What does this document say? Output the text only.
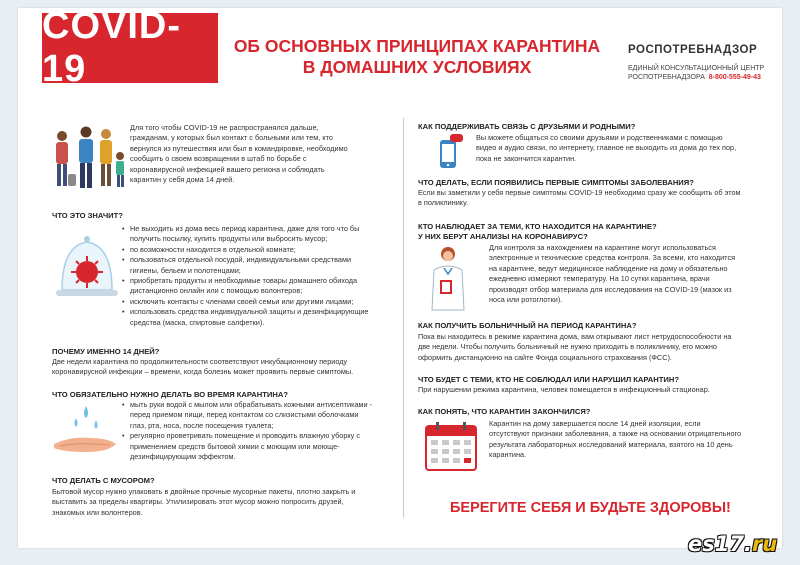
COVID-19
ОБ ОСНОВНЫХ ПРИНЦИПАХ КАРАНТИНА
В ДОМАШНИХ УСЛОВИЯХ
РОСПОТРЕБНАДЗОР
ЕДИНЫЙ КОНСУЛЬТАЦИОННЫЙ ЦЕНТР
РОСПОТРЕБНАДЗОРА 8-800-555-49-43
Для того чтобы COVID-19 не распространялся дальше, гражданам, у которых был контакт с больными или тем, кто вернулся из путешествия или был в командировке, необходимо сообщить о своем возвращении в штаб по борьбе с коронавирусной инфекцией вашего региона и соблюдать карантин у себя дома 14 дней.
ЧТО ЭТО ЗНАЧИТ?
• Не выходить из дома весь период карантина, даже для того что бы получить посылку, купить продукты или выбросить мусор;
• по возможности находится в отдельной комнате;
• пользоваться отдельной посудой, индивидуальными средствами гигиены, бельем и полотенцами;
• приобретать продукты и необходимые товары домашнего обихода дистанционно онлайн или с помощью волонтеров;
• исключить контакты с членами своей семьи или другими лицами;
• использовать средства индивидуальной защиты и дезинфицирующие средства (маска, спиртовые салфетки).
ПОЧЕМУ ИМЕННО 14 ДНЕЙ?
Две недели карантина по продолжительности соответствуют инкубационному периоду коронавирусной инфекции – времени, когда болезнь может проявить первые симптомы.
ЧТО ОБЯЗАТЕЛЬНО НУЖНО ДЕЛАТЬ ВО ВРЕМЯ КАРАНТИНА?
• мыть руки водой с мылом или обрабатывать кожными антисептиками - перед приемом пищи, перед контактом со слизистыми оболочками глаз, рта, носа, после посещения туалета;
• регулярно проветривать помещение и проводить влажную уборку с применением средств бытовой химии с моющим или моюще-дезинфицирующим эффектом.
ЧТО ДЕЛАТЬ С МУСОРОМ?
Бытовой мусор нужно упаковать в двойные прочные мусорные пакеты, плотно закрыть и выставить за пределы квартиры. Утилизировать этот мусор можно попросить друзей, знакомых или волонтеров.
КАК ПОДДЕРЖИВАТЬ СВЯЗЬ С ДРУЗЬЯМИ И РОДНЫМИ?
Вы можете общаться со своими друзьями и родственниками с помощью видео и аудио связи, по интернету, главное не выходить из дома до тех пор, пока не закончится карантин.
ЧТО ДЕЛАТЬ, ЕСЛИ ПОЯВИЛИСЬ ПЕРВЫЕ СИМПТОМЫ ЗАБОЛЕВАНИЯ?
Если вы заметили у себя первые симптомы COVID-19 необходимо сразу же сообщить об этом в поликлинику.
КТО НАБЛЮДАЕТ ЗА ТЕМИ, КТО НАХОДИТСЯ НА КАРАНТИНЕ?
У НИХ БЕРУТ АНАЛИЗЫ НА КОРОНАВИРУС?
Для контроля за нахождением на карантине могут использоваться электронные и технические средства контроля. За всеми, кто находится на карантине, ведут медицинское наблюдение на дому и обязательно ежедневно измеряют температуру. На 10 сутки карантина, врачи производят отбор материала для исследования на COVID-19 (мазок из носа или ротоглотки).
КАК ПОЛУЧИТЬ БОЛЬНИЧНЫЙ НА ПЕРИОД КАРАНТИНА?
Пока вы находитесь в режиме карантина дома, вам открывают лист нетрудоспособности на две недели. Чтобы получить больничный не нужно приходить в поликлинику, его можно оформить дистанционно на сайте Фонда социального страхования (ФСС).
ЧТО БУДЕТ С ТЕМИ, КТО НЕ СОБЛЮДАЛ ИЛИ НАРУШИЛ КАРАНТИН?
При нарушении режима карантина, человек помещается в инфекционный стационар.
КАК ПОНЯТЬ, ЧТО КАРАНТИН ЗАКОНЧИЛСЯ?
Карантин на дому завершается после 14 дней изоляции, если отсутствуют признаки заболевания, а также на основании отрицательного результата лабораторных исследований материала, взятого на 10 день карантина.
БЕРЕГИТЕ СЕБЯ И БУДЬТЕ ЗДОРОВЫ!
es17.ru
